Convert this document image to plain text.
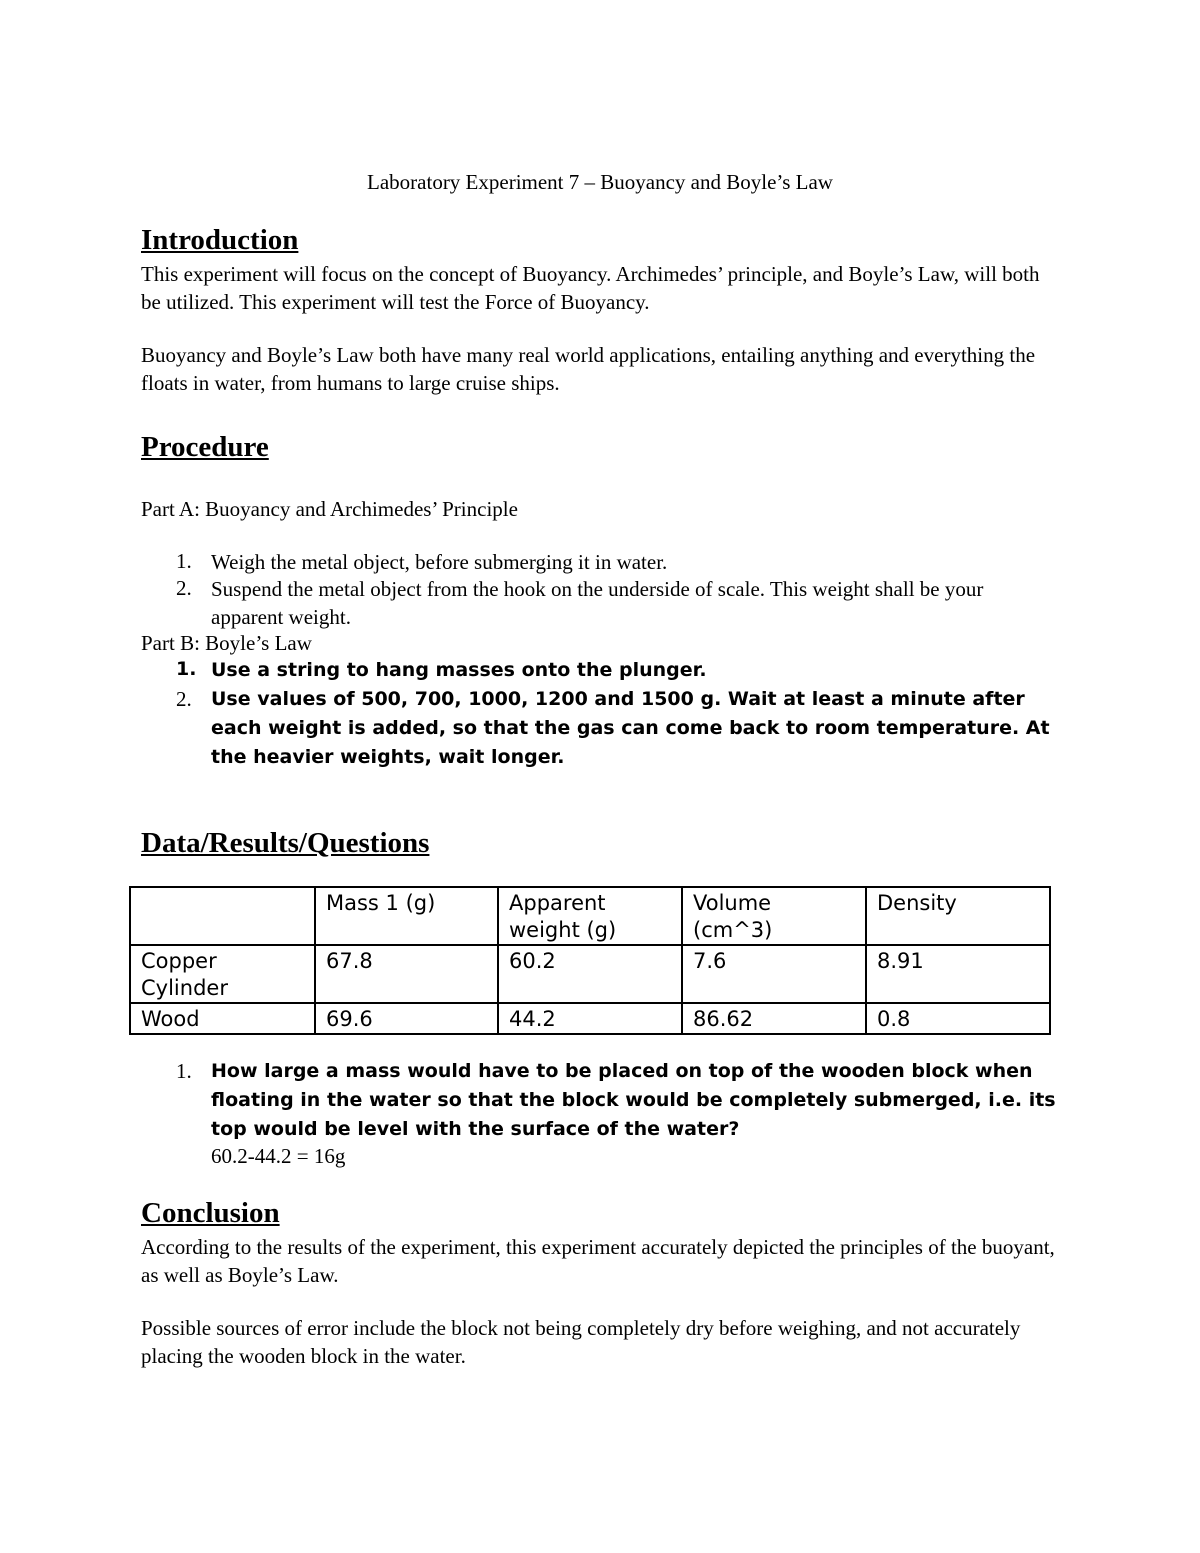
Laboratory Experiment 7 – Buoyancy and Boyle’s Law
Introduction
This experiment will focus on the concept of Buoyancy. Archimedes’ principle, and Boyle’s Law, will both be utilized. This experiment will test the Force of Buoyancy.
Buoyancy and Boyle’s Law both have many real world applications, entailing anything and everything the floats in water, from humans to large cruise ships.
Procedure
Part A: Buoyancy and Archimedes’ Principle
1. Weigh the metal object, before submerging it in water.
2. Suspend the metal object from the hook on the underside of scale. This weight shall be your apparent weight.
Part B: Boyle’s Law
1. Use a string to hang masses onto the plunger.
2. Use values of 500, 700, 1000, 1200 and 1500 g. Wait at least a minute after each weight is added, so that the gas can come back to room temperature. At the heavier weights, wait longer.
Data/Results/Questions
	Mass 1 (g)	Apparent weight (g)	Volume (cm^3)	Density
Copper Cylinder	67.8	60.2	7.6	8.91
Wood	69.6	44.2	86.62	0.8
1. How large a mass would have to be placed on top of the wooden block when floating in the water so that the block would be completely submerged, i.e. its top would be level with the surface of the water?
60.2-44.2 = 16g
Conclusion
According to the results of the experiment, this experiment accurately depicted the principles of the buoyant, as well as Boyle’s Law.
Possible sources of error include the block not being completely dry before weighing, and not accurately placing the wooden block in the water.
